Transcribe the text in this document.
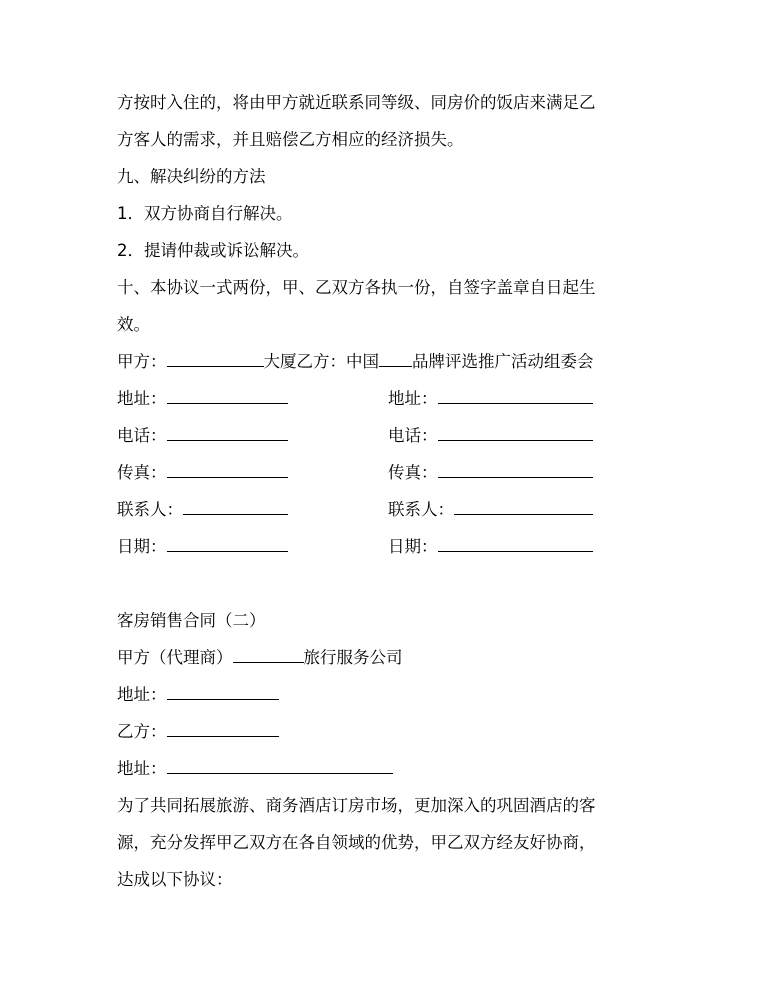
方按时入住的，将由甲方就近联系同等级、同房价的饭店来满足乙
方客人的需求，并且赔偿乙方相应的经济损失。
九、解决纠纷的方法
1．双方协商自行解决。
2．提请仲裁或诉讼解决。
十、本协议一式两份，甲、乙双方各执一份，自签字盖章自日起生
效。
甲方：	大厦乙方：中国 品牌评选推广活动组委会
地址：	地址：
电话：	电话：
传真：	传真：
联系人：	联系人：
日期：	日期：
客房销售合同（二）
甲方（代理商）	旅行服务公司
地址：
乙方：
地址：
为了共同拓展旅游、商务酒店订房市场，更加深入的巩固酒店的客
源，充分发挥甲乙双方在各自领域的优势，甲乙双方经友好协商，
达成以下协议：
